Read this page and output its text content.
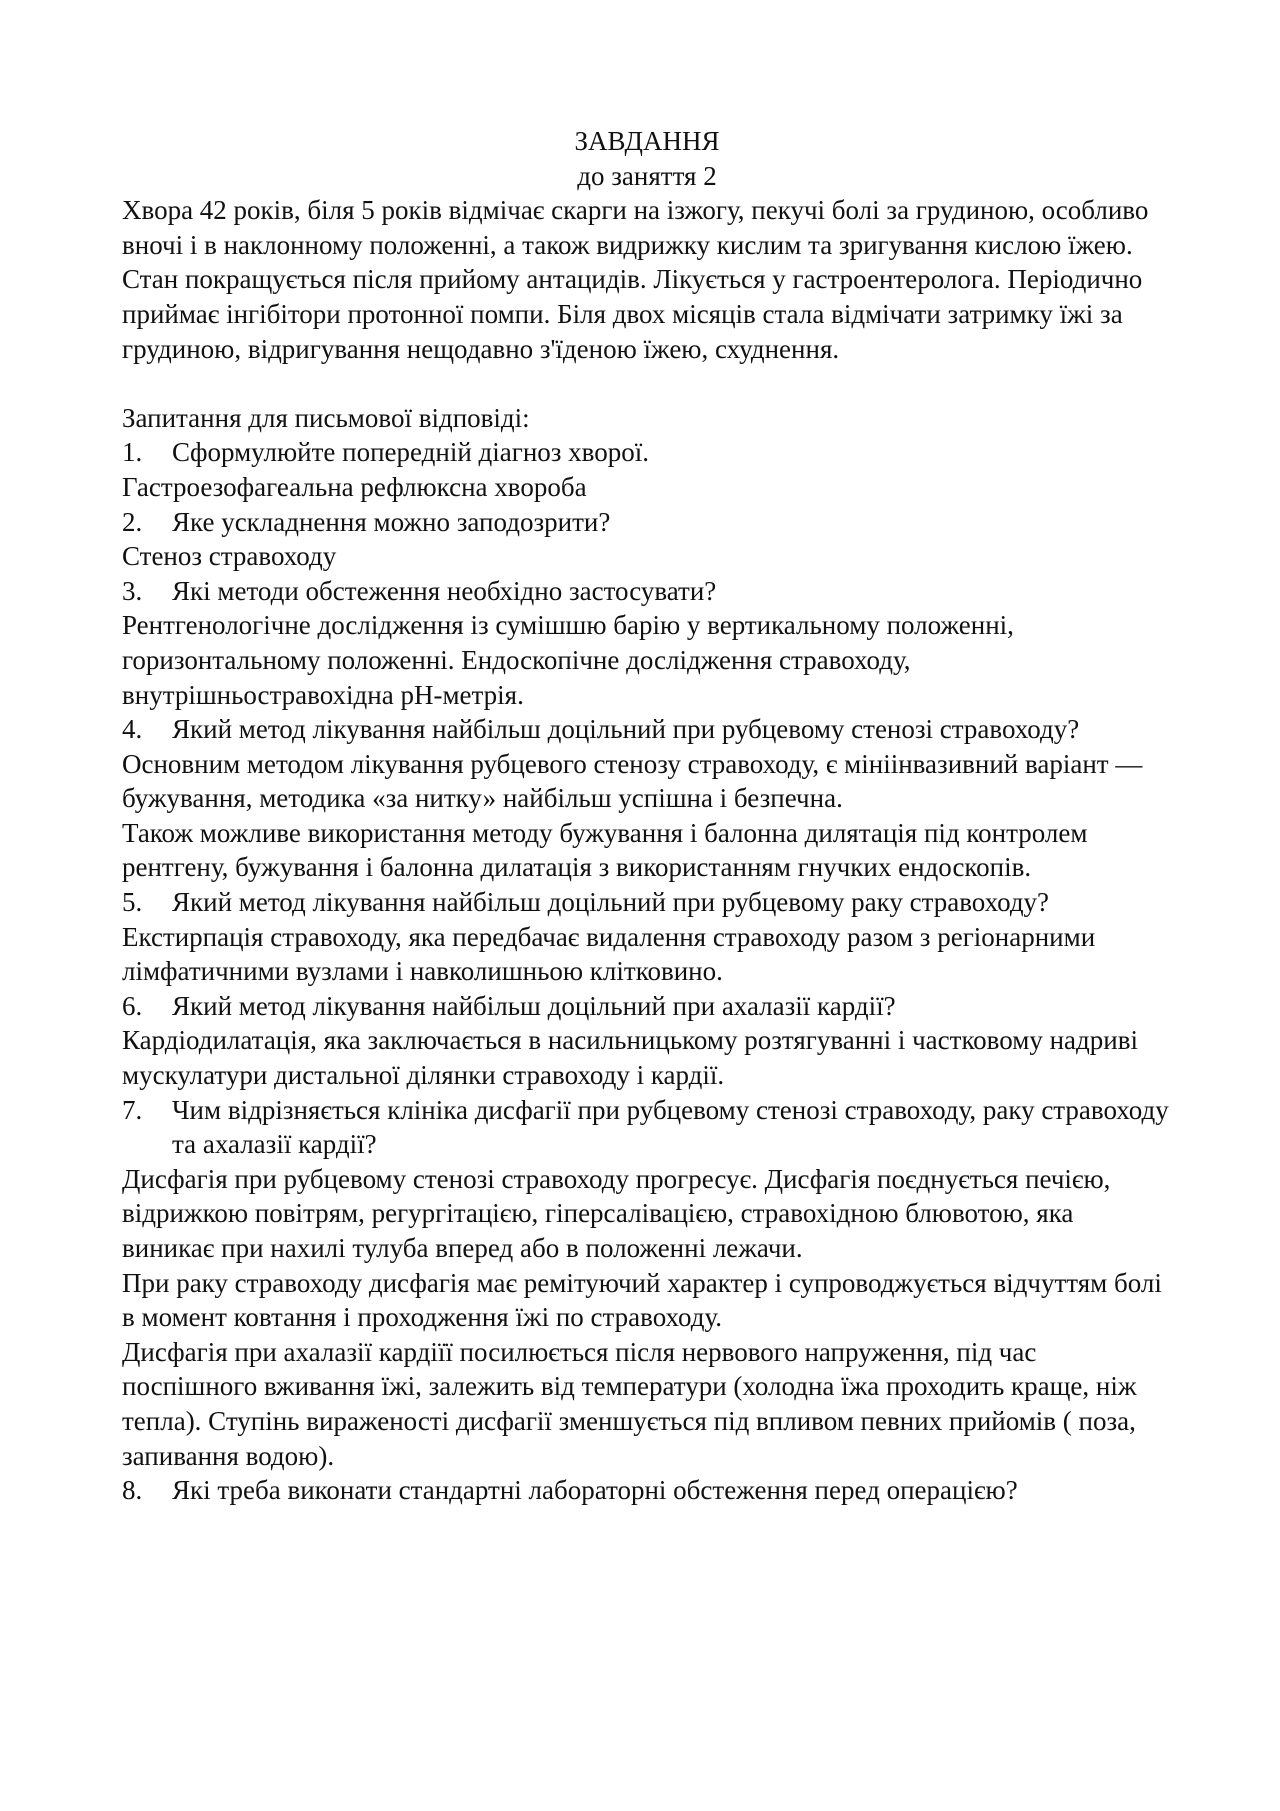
ЗАВДАННЯ
до заняття 2

Хвора 42 років, біля 5 років відмічає скарги на ізжогу, пекучі болі за грудиною, особливо вночі і в наклонному положенні, а також видрижку кислим та зригування кислою їжею. Стан покращується після прийому антацидів. Лікується у гастроентеролога. Періодично приймає інгібітори протонної помпи. Біля двох місяців стала відмічати затримку їжі за грудиною, відригування нещодавно з'їденою їжею, схуднення.

Запитання для письмової відповіді:
1. Сформулюйте попередній діагноз хворої.

Гастроезофагеальна рефлюксна хвороба

2. Яке ускладнення можно заподозрити?

Стеноз стравоходу

3. Які методи обстеження необхідно застосувати?

Рентгенологічне дослідження із сумішшю барію у вертикальному положенні, горизонтальному положенні. Ендоскопічне дослідження стравоходу, внутрішньостравохідна pH-метрія.

4. Який метод лікування найбільш доцільний при рубцевому стенозі стравоходу?

Основним методом лікування рубцевого стенозу стравоходу, є мініінвазивний варіант — бужування, методика «за нитку» найбільш успішна і безпечна.

Також можливе використання методу бужування і балонна дилятація під контролем рентгену, бужування і балонна дилатація з використанням гнучких ендоскопів.

5. Який метод лікування найбільш доцільний при рубцевому раку стравоходу?

Екстирпація стравоходу, яка передбачає видалення стравоходу разом з регіонарними лімфатичними вузлами і навколишньою клітковино.

6. Який метод лікування найбільш доцільний при ахалазії кардії?

Кардіодилатація, яка заключається в насильницькому розтягуванні і частковому надриві мускулатури дистальної ділянки стравоходу і кардії.

7. Чим відрізняється клініка дисфагії при рубцевому стенозі стравоходу, раку стравоходу та ахалазії кардії?

Дисфагія при рубцевому стенозі стравоходу прогресує. Дисфагія поєднується печією, відрижкою повітрям, регургітацією, гіперсалівацією, стравохідною блювотою, яка виникає при нахилі тулуба вперед або в положенні лежачи.

При раку стравоходу дисфагія має ремітуючий характер і супроводжується відчуттям болі в момент ковтання і проходження їжі по стравоходу.

Дисфагія при ахалазії кардіїї посилюється після нервового напруження, під час поспішного вживання їжі, залежить від температури (холодна їжа проходить краще, ніж тепла). Ступінь вираженості дисфагії зменшується під впливом певних прийомів ( поза, запивання водою).

8. Які треба виконати стандартні лабораторні обстеження перед операцією?
